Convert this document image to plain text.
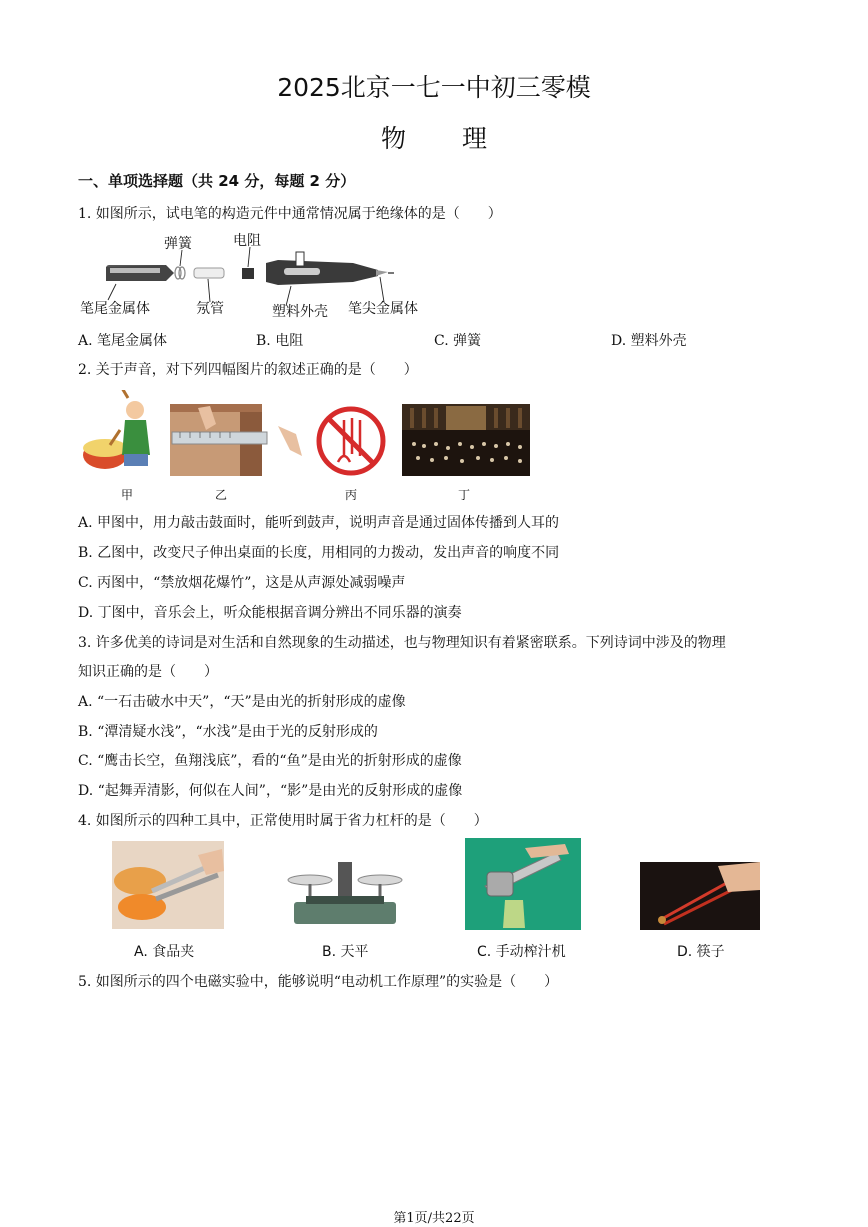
2025北京一七一中初三零模
物 理
一、单项选择题（共 24 分，每题 2 分）
1. 如图所示，试电笔的构造元件中通常情况属于绝缘体的是（　　）
弹簧	电阻
笔尾金属体	氖管	塑料外壳 笔尖金属体
A. 笔尾金属体	B. 电阻	C. 弹簧	D. 塑料外壳
2. 关于声音，对下列四幅图片的叙述正确的是（　　）
甲	乙	丙	丁
A. 甲图中，用力敲击鼓面时，能听到鼓声，说明声音是通过固体传播到人耳的
B. 乙图中，改变尺子伸出桌面的长度，用相同的力拨动，发出声音的响度不同
C. 丙图中，“禁放烟花爆竹”，这是从声源处减弱噪声
D. 丁图中，音乐会上，听众能根据音调分辨出不同乐器的演奏
3. 许多优美的诗词是对生活和自然现象的生动描述，也与物理知识有着紧密联系。下列诗词中涉及的物理
知识正确的是（　　）
A. “一石击破水中天”，“天”是由光的折射形成的虚像
B. “潭清疑水浅”，“水浅”是由于光的反射形成的
C. “鹰击长空，鱼翔浅底”，看的“鱼”是由光的折射形成的虚像
D. “起舞弄清影，何似在人间”，“影”是由光的反射形成的虚像
4. 如图所示的四种工具中，正常使用时属于省力杠杆的是（　　）
A. 食品夹	B. 天平	C. 手动榨汁机	D. 筷子
5. 如图所示的四个电磁实验中，能够说明“电动机工作原理”的实验是（　　）
第1页/共22页
